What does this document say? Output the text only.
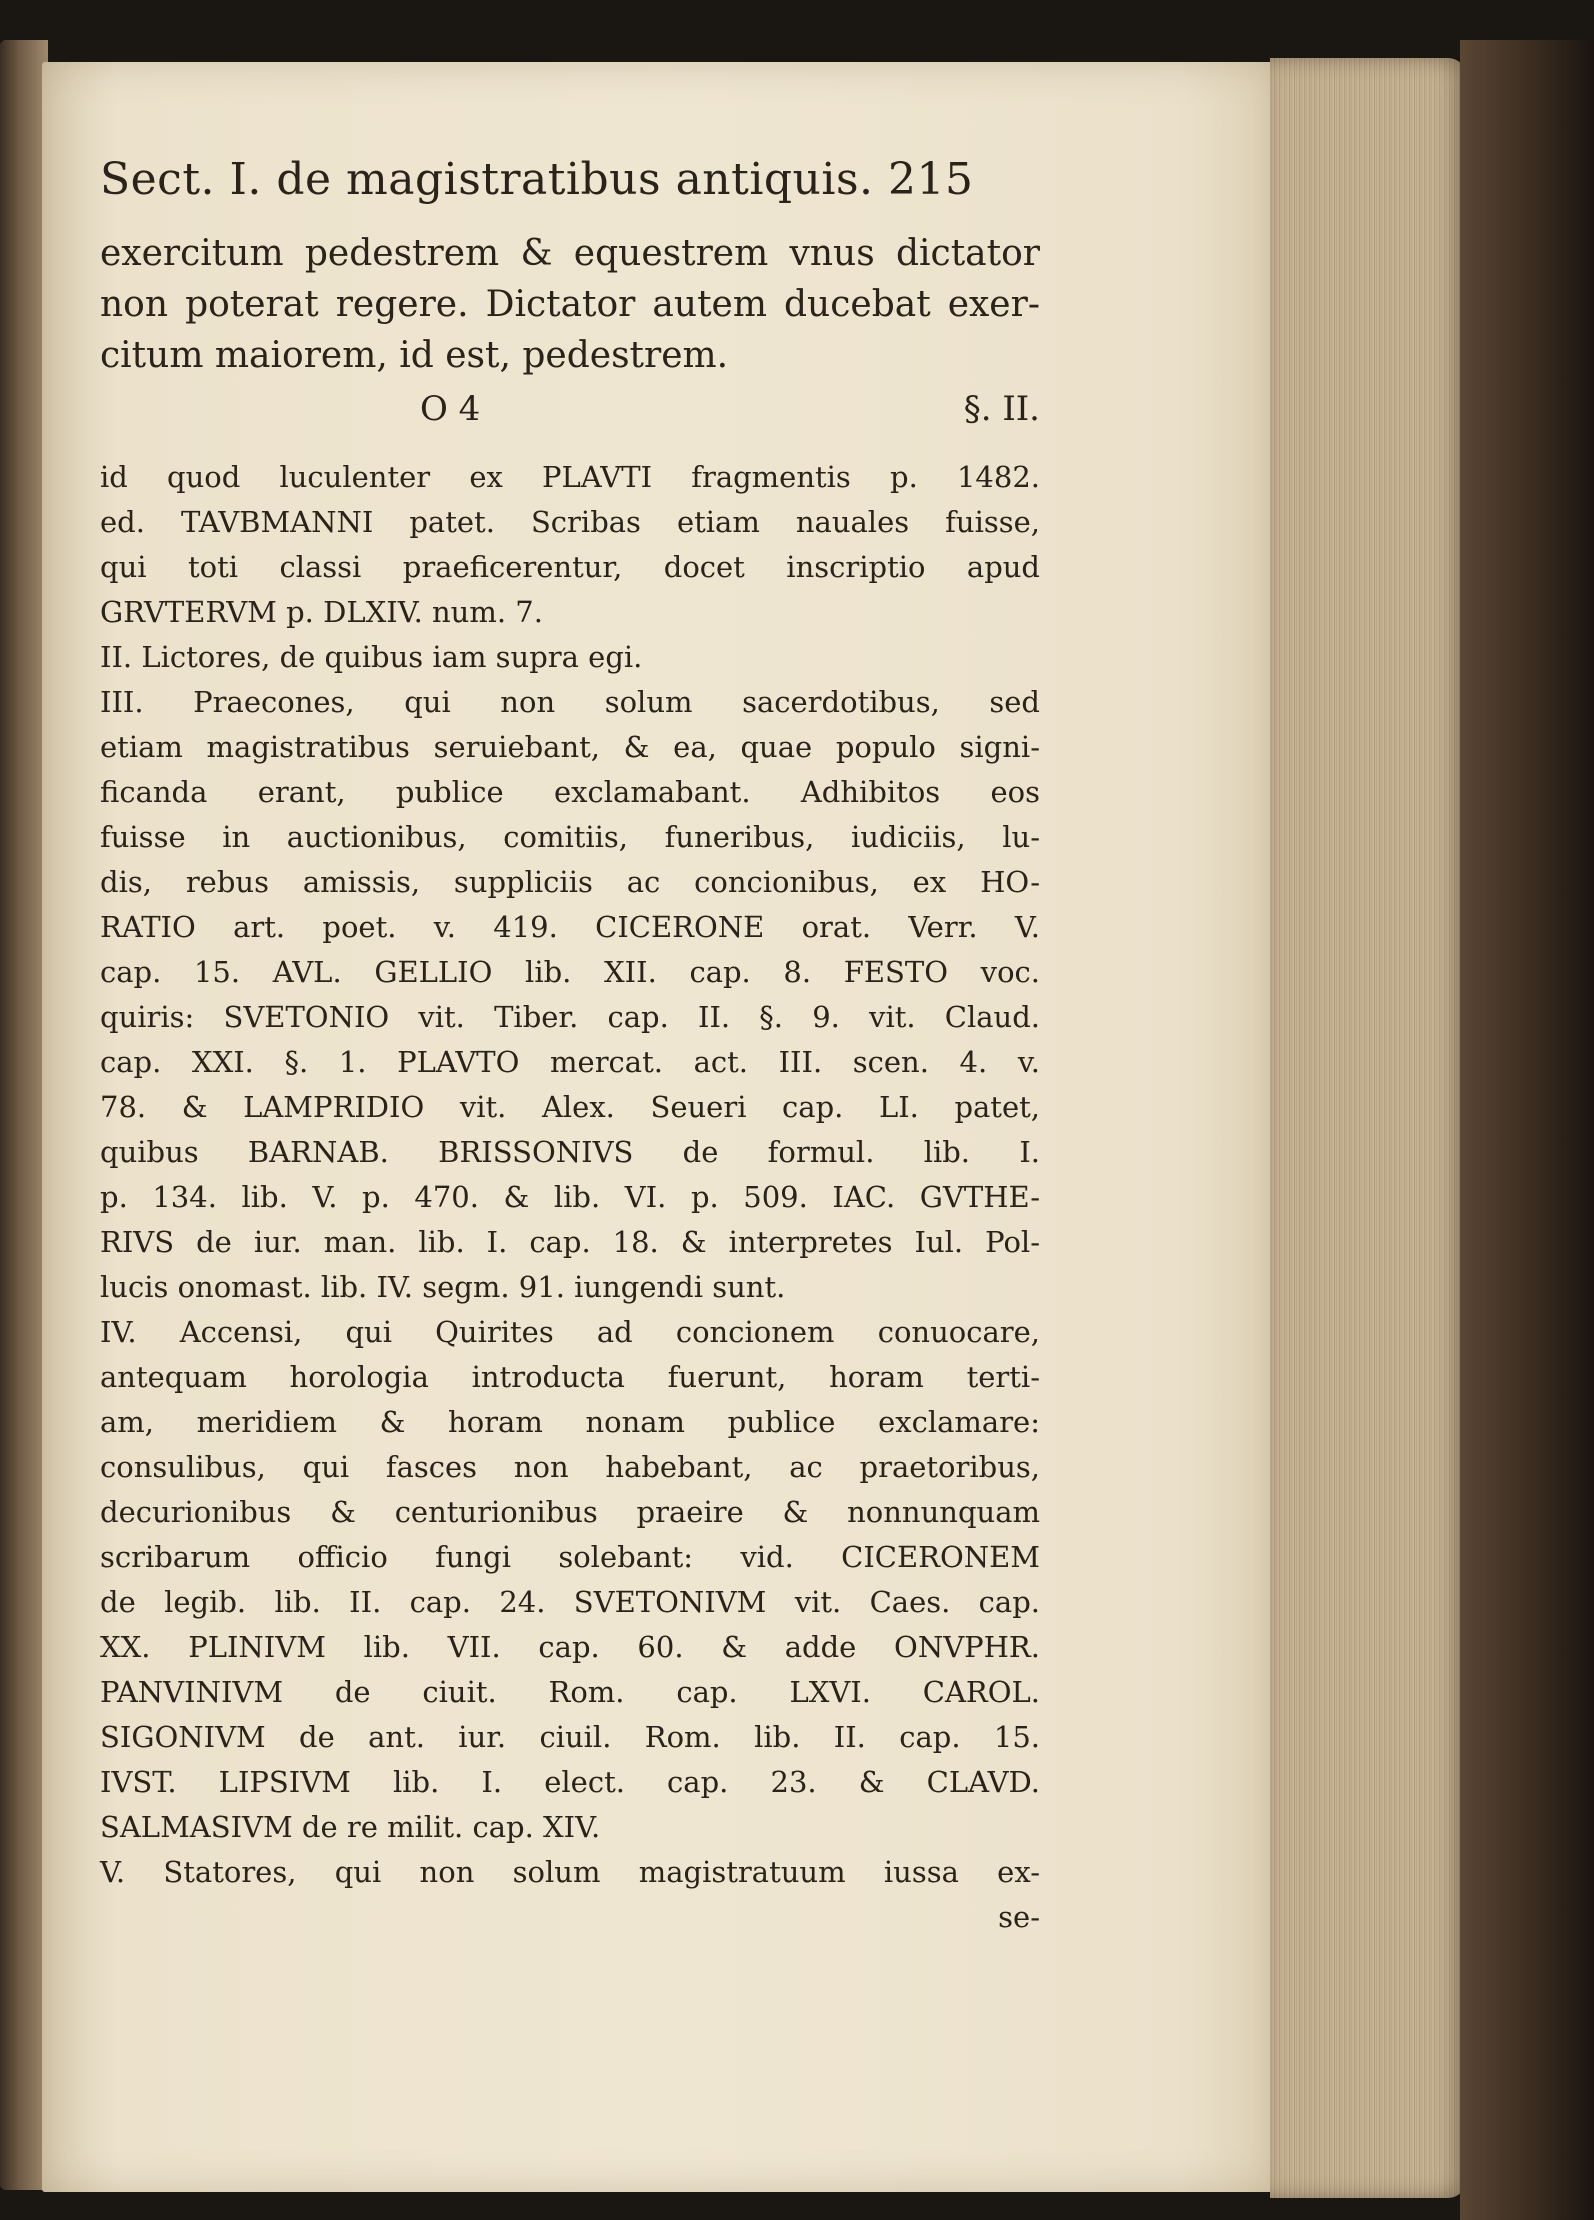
Sect. I. de magistratibus antiquis. 215
exercitum pedestrem & equestrem vnus dictator
non poterat regere. Dictator autem ducebat exer-
citum maiorem, id est, pedestrem.
O 4	§. II.
id quod luculenter ex PLAVTI fragmentis p. 1482.
ed. TAVBMANNI patet. Scribas etiam nauales fuisse,
qui toti classi praeficerentur, docet inscriptio apud
GRVTERVM p. DLXIV. num. 7.
II. Lictores, de quibus iam supra egi.
III. Praecones, qui non solum sacerdotibus, sed
etiam magistratibus seruiebant, & ea, quae populo signi-
ficanda erant, publice exclamabant. Adhibitos eos
fuisse in auctionibus, comitiis, funeribus, iudiciis, lu-
dis, rebus amissis, suppliciis ac concionibus, ex HO-
RATIO art. poet. v. 419. CICERONE orat. Verr. V.
cap. 15. AVL. GELLIO lib. XII. cap. 8. FESTO voc.
quiris: SVETONIO vit. Tiber. cap. II. §. 9. vit. Claud.
cap. XXI. §. 1. PLAVTO mercat. act. III. scen. 4. v.
78. & LAMPRIDIO vit. Alex. Seueri cap. LI. patet,
quibus BARNAB. BRISSONIVS de formul. lib. I.
p. 134. lib. V. p. 470. & lib. VI. p. 509. IAC. GVTHE-
RIVS de iur. man. lib. I. cap. 18. & interpretes Iul. Pol-
lucis onomast. lib. IV. segm. 91. iungendi sunt.
IV. Accensi, qui Quirites ad concionem conuocare,
antequam horologia introducta fuerunt, horam terti-
am, meridiem & horam nonam publice exclamare:
consulibus, qui fasces non habebant, ac praetoribus,
decurionibus & centurionibus praeire & nonnunquam
scribarum officio fungi solebant: vid. CICERONEM
de legib. lib. II. cap. 24. SVETONIVM vit. Caes. cap.
XX. PLINIVM lib. VII. cap. 60. & adde ONVPHR.
PANVINIVM de ciuit. Rom. cap. LXVI. CAROL.
SIGONIVM de ant. iur. ciuil. Rom. lib. II. cap. 15.
IVST. LIPSIVM lib. I. elect. cap. 23. & CLAVD.
SALMASIVM de re milit. cap. XIV.
V. Statores, qui non solum magistratuum iussa ex-
se-
